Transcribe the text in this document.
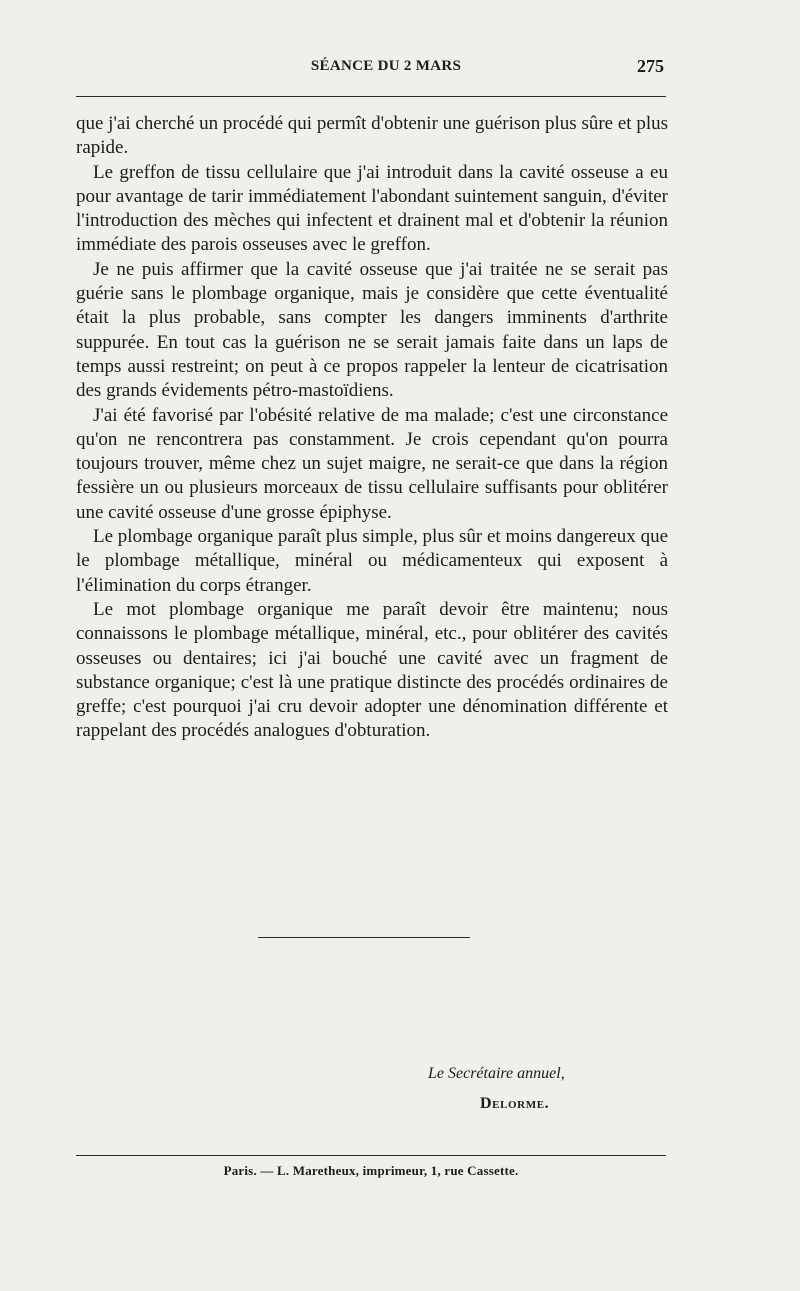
SÉANCE DU 2 MARS	275

que j'ai cherché un procédé qui permît d'obtenir une guérison plus sûre et plus rapide.

Le greffon de tissu cellulaire que j'ai introduit dans la cavité osseuse a eu pour avantage de tarir immédiatement l'abondant suintement sanguin, d'éviter l'introduction des mèches qui infectent et drainent mal et d'obtenir la réunion immédiate des parois osseuses avec le greffon.

Je ne puis affirmer que la cavité osseuse que j'ai traitée ne se serait pas guérie sans le plombage organique, mais je considère que cette éventualité était la plus probable, sans compter les dangers imminents d'arthrite suppurée. En tout cas la guérison ne se serait jamais faite dans un laps de temps aussi restreint; on peut à ce propos rappeler la lenteur de cicatrisation des grands évidements pétro-mastoïdiens.

J'ai été favorisé par l'obésité relative de ma malade; c'est une circonstance qu'on ne rencontrera pas constamment. Je crois cependant qu'on pourra toujours trouver, même chez un sujet maigre, ne serait-ce que dans la région fessière un ou plusieurs morceaux de tissu cellulaire suffisants pour oblitérer une cavité osseuse d'une grosse épiphyse.

Le plombage organique paraît plus simple, plus sûr et moins dangereux que le plombage métallique, minéral ou médicamenteux qui exposent à l'élimination du corps étranger.

Le mot plombage organique me paraît devoir être maintenu; nous connaissons le plombage métallique, minéral, etc., pour oblitérer des cavités osseuses ou dentaires; ici j'ai bouché une cavité avec un fragment de substance organique; c'est là une pratique distincte des procédés ordinaires de greffe; c'est pourquoi j'ai cru devoir adopter une dénomination différente et rappelant des procédés analogues d'obturation.

Le Secrétaire annuel,
Delorme.
Paris. — L. Maretheux, imprimeur, 1, rue Cassette.
